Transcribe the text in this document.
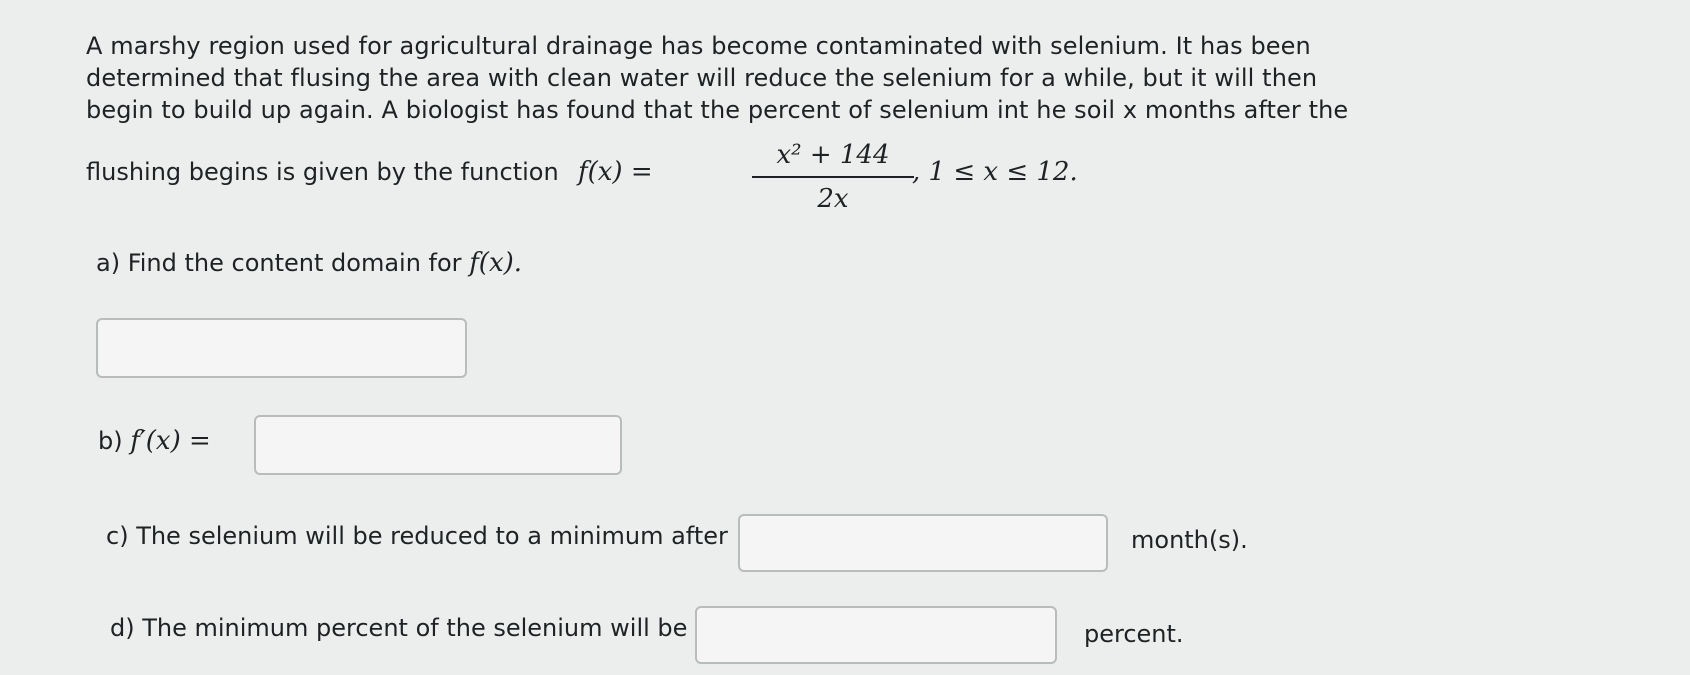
A marshy region used for agricultural drainage has become contaminated with selenium. It has been
determined that flusing the area with clean water will reduce the selenium for a while, but it will then
begin to build up again. A biologist has found that the percent of selenium int he soil x months after the
flushing begins is given by the function f(x) =
x² + 144
2x
, 1 ≤ x ≤ 12.
a) Find the content domain for f(x).
b) f′(x) =
c) The selenium will be reduced to a minimum after	month(s).
d) The minimum percent of the selenium will be	percent.
